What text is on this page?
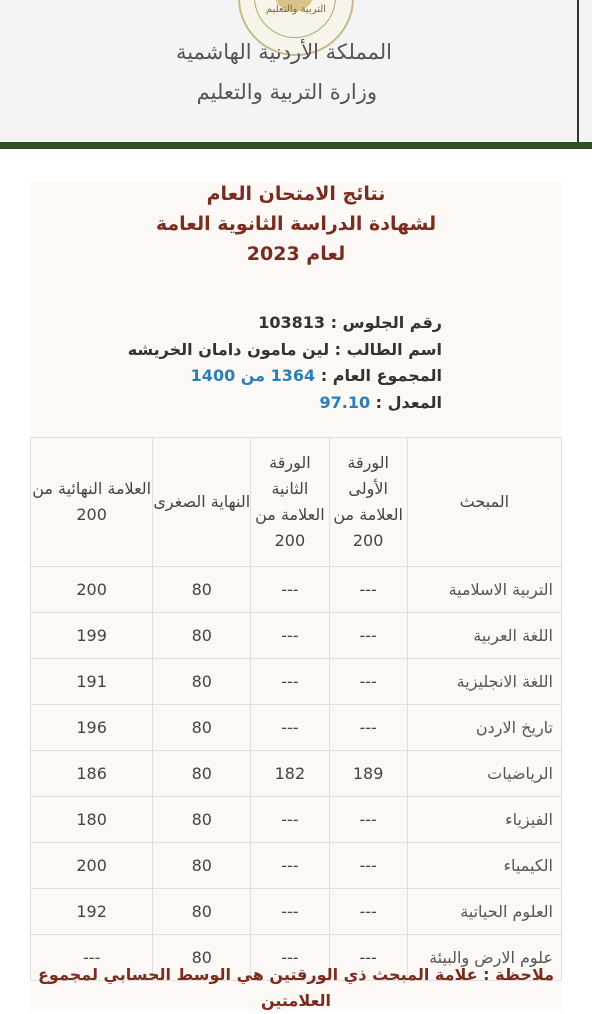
التربية والتعليم
المملكة الأردنية الهاشمية
وزارة التربية والتعليم
نتائج الامتحان العام
لشهادة الدراسة الثانوية العامة
لعام 2023
رقم الجلوس : 103813
اسم الطالب : لين مامون دامان الخريشه
المجموع العام : 1364 من 1400
المعدل : 97.10
المبحث	الورقة الأولى العلامة من 200	الورقة الثانية العلامة من 200	النهاية الصغرى	العلامة النهائية من 200
التربية الاسلامية	---	---	80	200
اللغة العربية	---	---	80	199
اللغة الانجليزية	---	---	80	191
تاريخ الاردن	---	---	80	196
الرياضيات	189	182	80	186
الفيزياء	---	---	80	180
الكيمياء	---	---	80	200
العلوم الحياتية	---	---	80	192
علوم الارض والبيئة	---	---	80	---
ملاحظة : علامة المبحث ذي الورقتين هي الوسط الحسابي لمجموع العلامتين
